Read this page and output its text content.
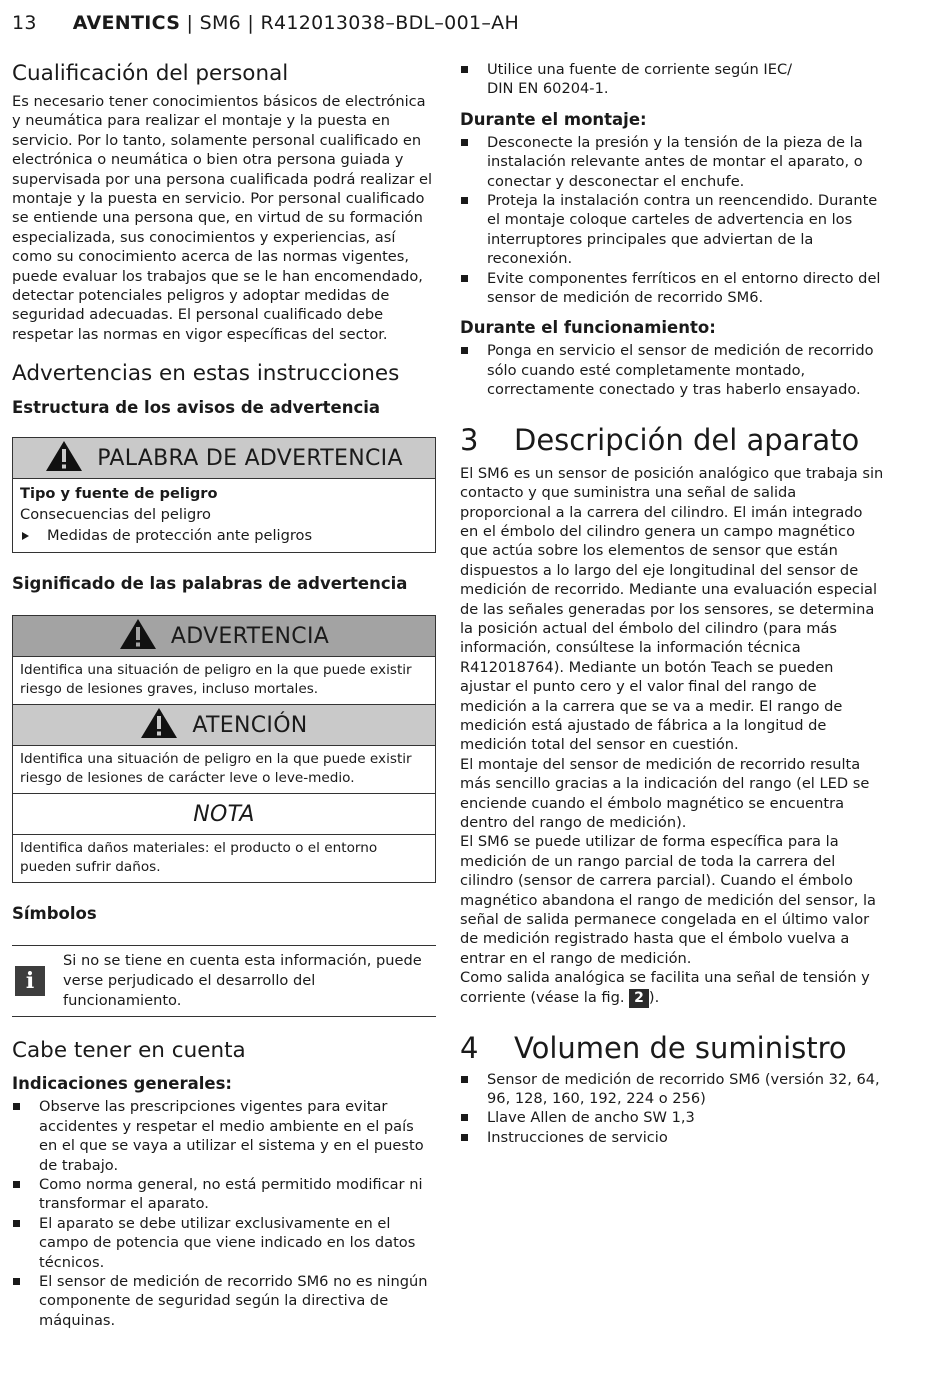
13 AVENTICS | SM6 | R412013038–BDL–001–AH
Cualificación del personal

Es necesario tener conocimientos básicos de electrónica y neumática para realizar el montaje y la puesta en servicio. Por lo tanto, solamente personal cualificado en electrónica o neumática o bien otra persona guiada y supervisada por una persona cualificada podrá realizar el montaje y la puesta en servicio. Por personal cualificado se entiende una persona que, en virtud de su formación especializada, sus conocimientos y experiencias, así como su conocimiento acerca de las normas vigentes, puede evaluar los trabajos que se le han encomendado, detectar potenciales peligros y adoptar medidas de seguridad adecuadas. El personal cualificado debe respetar las normas en vigor específicas del sector.

Advertencias en estas instrucciones
Estructura de los avisos de advertencia
PALABRA DE ADVERTENCIA

Tipo y fuente de peligro

Consecuencias del peligro

Medidas de protección ante peligros

Significado de las palabras de advertencia
ADVERTENCIA

Identifica una situación de peligro en la que puede existir riesgo de lesiones graves, incluso mortales.

ATENCIÓN

Identifica una situación de peligro en la que puede existir riesgo de lesiones de carácter leve o leve-medio.

NOTA

Identifica daños materiales: el producto o el entorno pueden sufrir daños.

Símbolos
i

Si no se tiene en cuenta esta información, puede verse perjudicado el desarrollo del funcionamiento.

Cabe tener en cuenta
Indicaciones generales:
Observe las prescripciones vigentes para evitar accidentes y respetar el medio ambiente en el país en el que se vaya a utilizar el sistema y en el puesto de trabajo.
Como norma general, no está permitido modificar ni transformar el aparato.
El aparato se debe utilizar exclusivamente en el campo de potencia que viene indicado en los datos técnicos.
El sensor de medición de recorrido SM6 no es ningún componente de seguridad según la directiva de máquinas.
Utilice una fuente de corriente según IEC/
DIN EN 60204-1.
Durante el montaje:
Desconecte la presión y la tensión de la pieza de la instalación relevante antes de montar el aparato, o conectar y desconectar el enchufe.
Proteja la instalación contra un reencendido. Durante el montaje coloque carteles de advertencia en los interruptores principales que adviertan de la reconexión.
Evite componentes ferríticos en el entorno directo del sensor de medición de recorrido SM6.
Durante el funcionamiento:
Ponga en servicio el sensor de medición de recorrido sólo cuando esté completamente montado, correctamente conectado y tras haberlo ensayado.
3 Descripción del aparato

El SM6 es un sensor de posición analógico que trabaja sin contacto y que suministra una señal de salida proporcional a la carrera del cilindro. El imán integrado en el émbolo del cilindro genera un campo magnético que actúa sobre los elementos de sensor que están dispuestos a lo largo del eje longitudinal del sensor de medición de recorrido. Mediante una evaluación especial de las señales generadas por los sensores, se determina la posición actual del émbolo del cilindro (para más información, consúltese la información técnica R412018764). Mediante un botón Teach se pueden ajustar el punto cero y el valor final del rango de medición a la carrera que se va a medir. El rango de medición está ajustado de fábrica a la longitud de medición total del sensor en cuestión.

El montaje del sensor de medición de recorrido resulta más sencillo gracias a la indicación del rango (el LED se enciende cuando el émbolo magnético se encuentra dentro del rango de medición).

El SM6 se puede utilizar de forma específica para la medición de un rango parcial de toda la carrera del cilindro (sensor de carrera parcial). Cuando el émbolo magnético abandona el rango de medición del sensor, la señal de salida permanece congelada en el último valor de medición registrado hasta que el émbolo vuelva a entrar en el rango de medición.

Como salida analógica se facilita una señal de tensión y corriente (véase la fig. 2 ).

4 Volumen de suministro
Sensor de medición de recorrido SM6 (versión 32, 64, 96, 128, 160, 192, 224 o 256)
Llave Allen de ancho SW 1,3
Instrucciones de servicio
